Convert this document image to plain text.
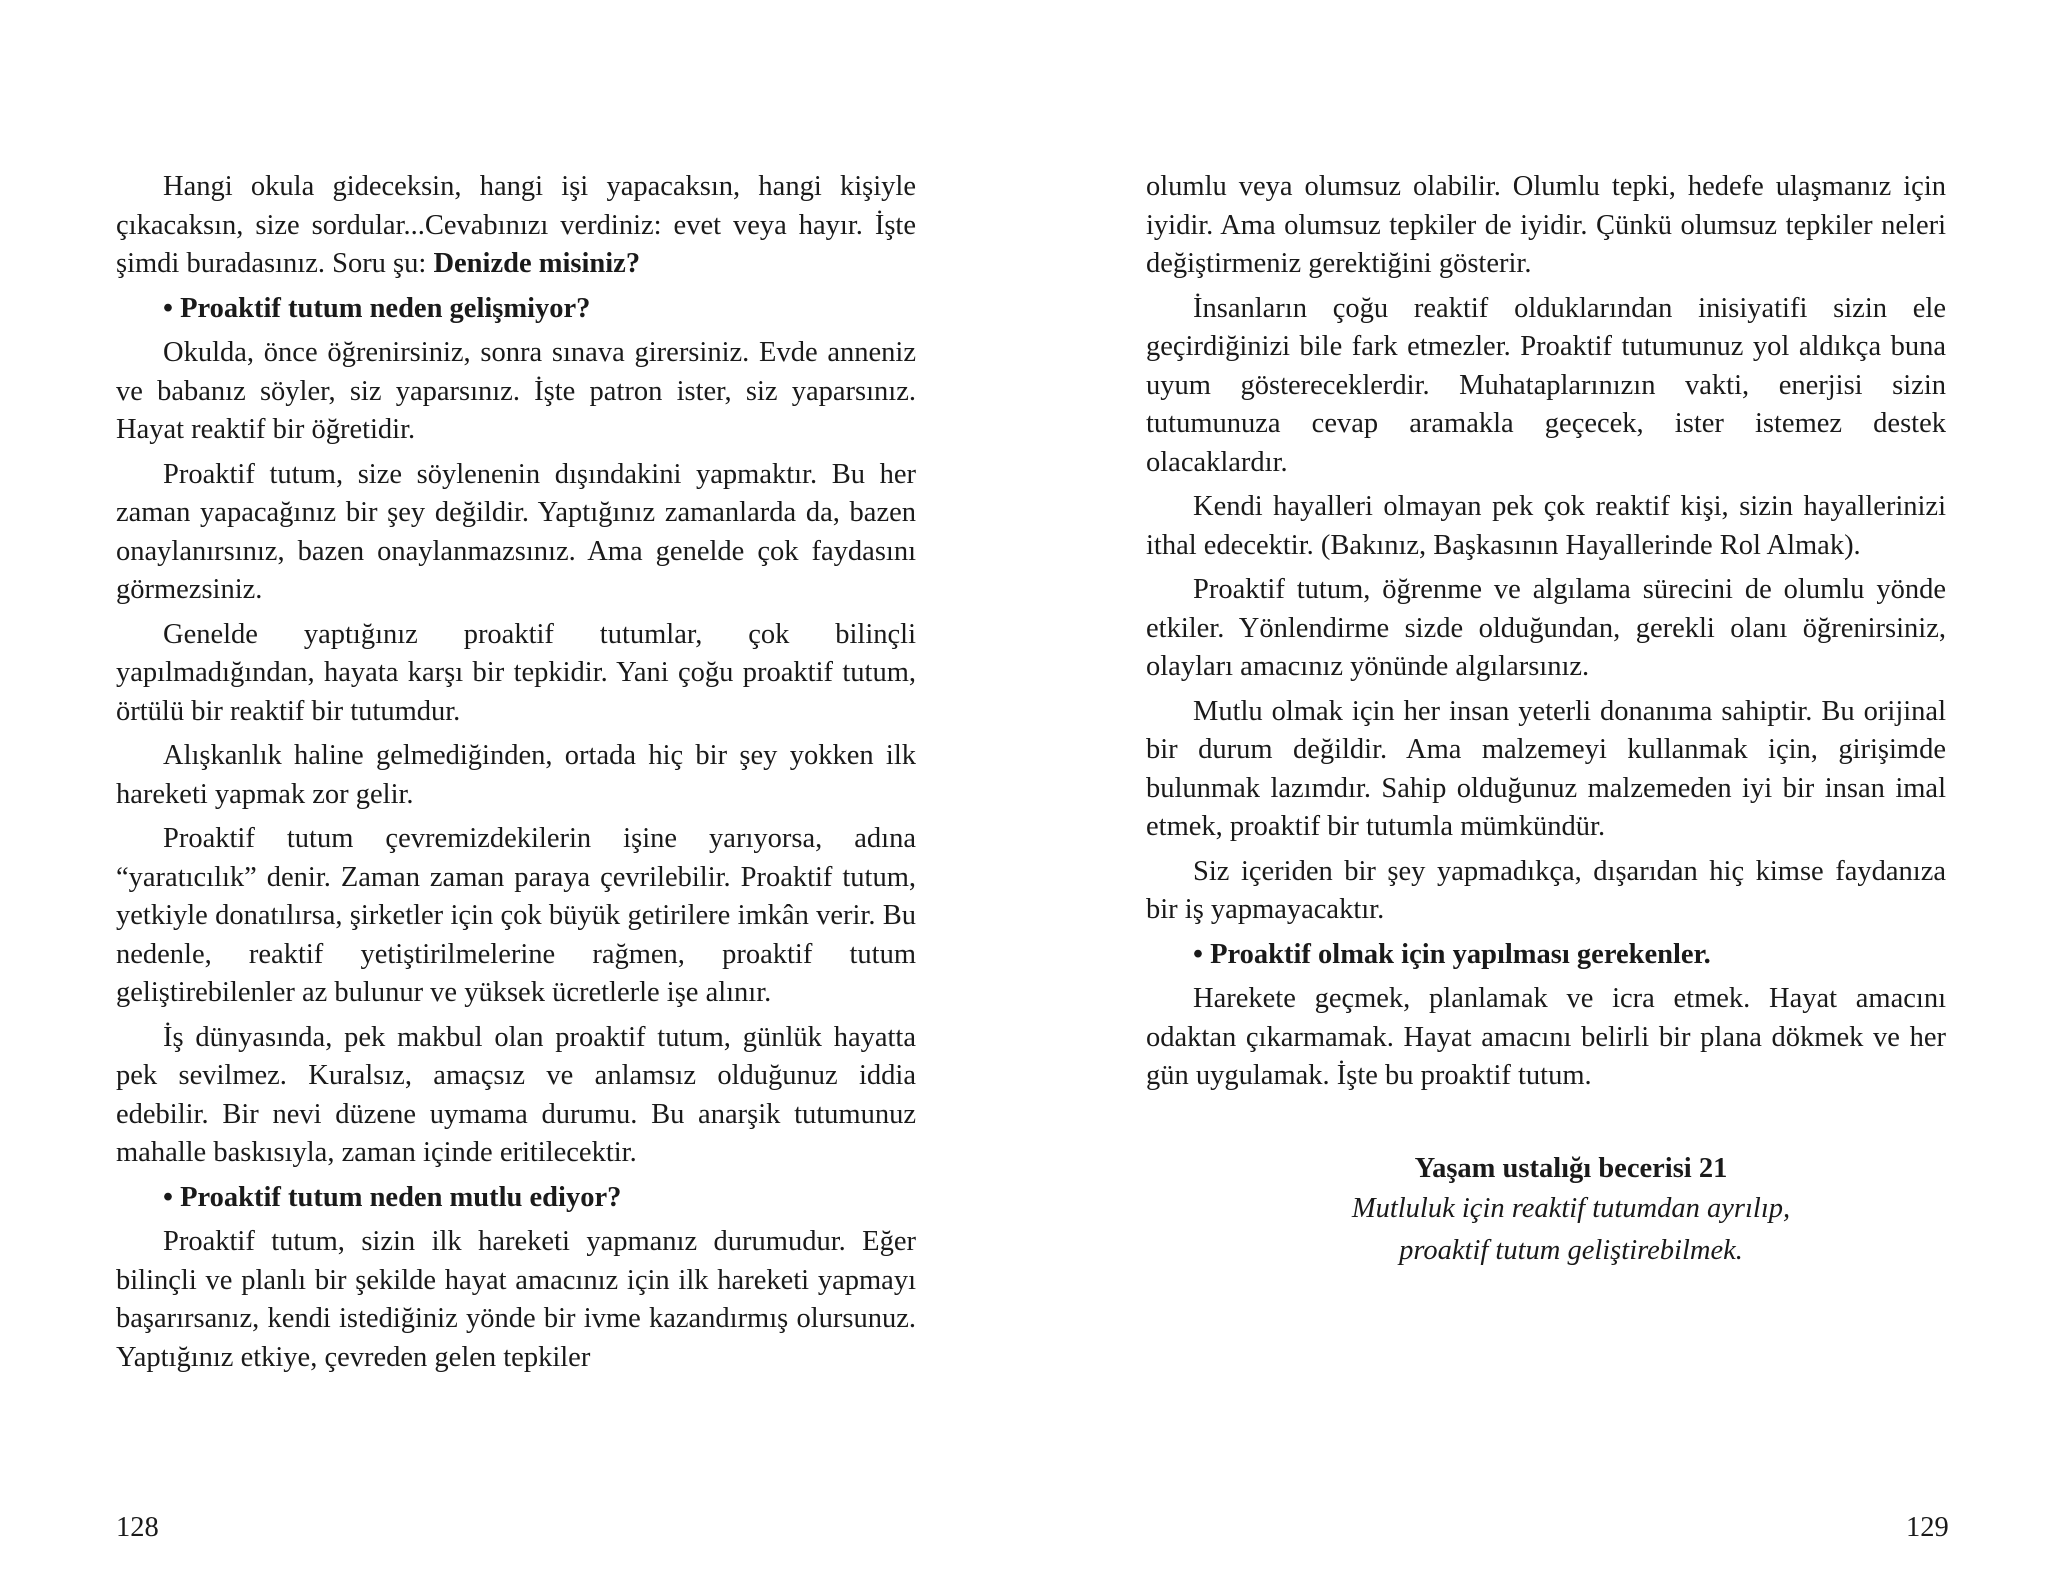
Hangi okula gideceksin, hangi işi yapacaksın, hangi kişiyle çıkacaksın, size sordular...Cevabınızı verdiniz: evet veya hayır. İşte şimdi buradasınız. Soru şu: Denizde misiniz?

• Proaktif tutum neden gelişmiyor?

Okulda, önce öğrenirsiniz, sonra sınava girersiniz. Evde anneniz ve babanız söyler, siz yaparsınız. İşte patron ister, siz yaparsınız. Hayat reaktif bir öğretidir.

Proaktif tutum, size söylenenin dışındakini yapmaktır. Bu her zaman yapacağınız bir şey değildir. Yaptığınız zamanlarda da, bazen onaylanırsınız, bazen onaylanmazsınız. Ama genelde çok faydasını görmezsiniz.

Genelde yaptığınız proaktif tutumlar, çok bilinçli yapılmadığından, hayata karşı bir tepkidir. Yani çoğu proaktif tutum, örtülü bir reaktif bir tutumdur.

Alışkanlık haline gelmediğinden, ortada hiç bir şey yokken ilk hareketi yapmak zor gelir.

Proaktif tutum çevremizdekilerin işine yarıyorsa, adına “yaratıcılık” denir. Zaman zaman paraya çevrilebilir. Proaktif tutum, yetkiyle donatılırsa, şirketler için çok büyük getirilere imkân verir. Bu nedenle, reaktif yetiştirilmelerine rağmen, proaktif tutum geliştirebilenler az bulunur ve yüksek ücretlerle işe alınır.

İş dünyasında, pek makbul olan proaktif tutum, günlük hayatta pek sevilmez. Kuralsız, amaçsız ve anlamsız olduğunuz iddia edebilir. Bir nevi düzene uymama durumu. Bu anarşik tutumunuz mahalle baskısıyla, zaman içinde eritilecektir.

• Proaktif tutum neden mutlu ediyor?

Proaktif tutum, sizin ilk hareketi yapmanız durumudur. Eğer bilinçli ve planlı bir şekilde hayat amacınız için ilk hareketi yapmayı başarırsanız, kendi istediğiniz yönde bir ivme kazandırmış olursunuz. Yaptığınız etkiye, çevreden gelen tepkiler

128

olumlu veya olumsuz olabilir. Olumlu tepki, hedefe ulaşmanız için iyidir. Ama olumsuz tepkiler de iyidir. Çünkü olumsuz tepkiler neleri değiştirmeniz gerektiğini gösterir.

İnsanların çoğu reaktif olduklarından inisiyatifi sizin ele geçirdiğinizi bile fark etmezler. Proaktif tutumunuz yol aldıkça buna uyum göstereceklerdir. Muhataplarınızın vakti, enerjisi sizin tutumunuza cevap aramakla geçecek, ister istemez destek olacaklardır.

Kendi hayalleri olmayan pek çok reaktif kişi, sizin hayallerinizi ithal edecektir. (Bakınız, Başkasının Hayallerinde Rol Almak).

Proaktif tutum, öğrenme ve algılama sürecini de olumlu yönde etkiler. Yönlendirme sizde olduğundan, gerekli olanı öğrenirsiniz, olayları amacınız yönünde algılarsınız.

Mutlu olmak için her insan yeterli donanıma sahiptir. Bu orijinal bir durum değildir. Ama malzemeyi kullanmak için, girişimde bulunmak lazımdır. Sahip olduğunuz malzemeden iyi bir insan imal etmek, proaktif bir tutumla mümkündür.

Siz içeriden bir şey yapmadıkça, dışarıdan hiç kimse faydanıza bir iş yapmayacaktır.

• Proaktif olmak için yapılması gerekenler.

Harekete geçmek, planlamak ve icra etmek. Hayat amacını odaktan çıkarmamak. Hayat amacını belirli bir plana dökmek ve her gün uygulamak. İşte bu proaktif tutum.

Yaşam ustalığı becerisi 21
Mutluluk için reaktif tutumdan ayrılıp,
proaktif tutum geliştirebilmek.
129
